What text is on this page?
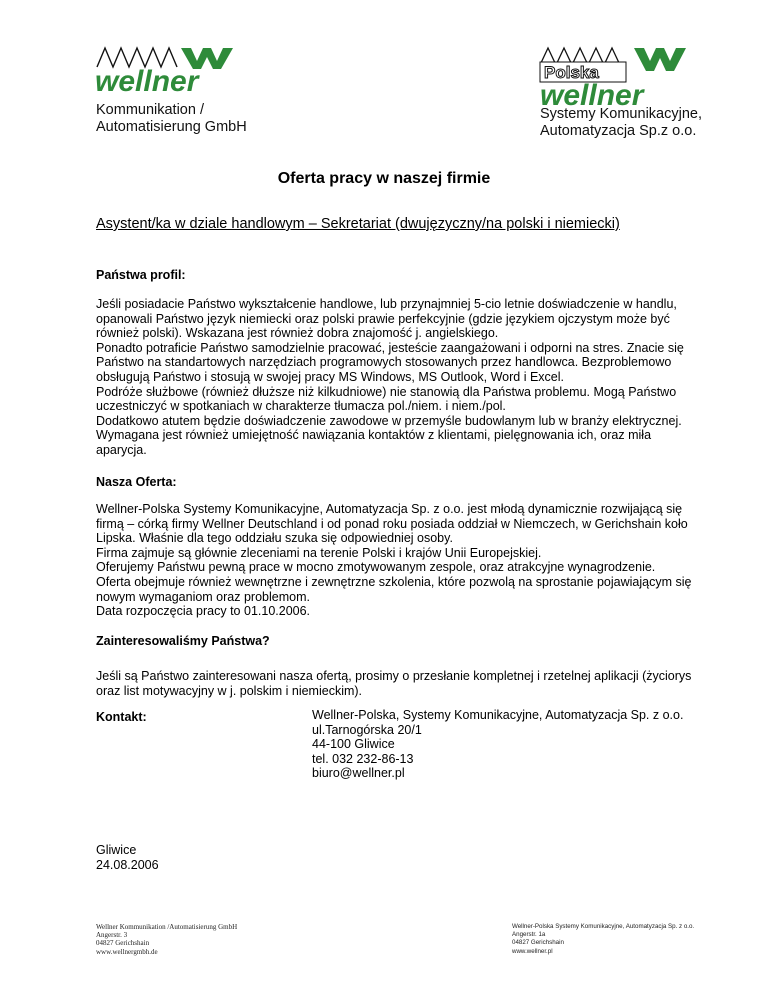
wellner
Kommunikation /
Automatisierung GmbH
Polska
wellner
Systemy Komunikacyjne,
Automatyzacja Sp.z o.o.
Oferta pracy w naszej firmie
Asystent/ka w dziale handlowym – Sekretariat (dwujęzyczny/na polski i niemiecki)
Państwa profil:
Jeśli posiadacie Państwo wykształcenie handlowe, lub przynajmniej 5-cio letnie doświadczenie w handlu,
opanowali Państwo język niemiecki oraz polski prawie perfekcyjnie (gdzie językiem ojczystym może być
również polski). Wskazana jest również dobra znajomość j. angielskiego.
Ponadto potraficie Państwo samodzielnie pracować, jesteście zaangażowani i odporni na stres. Znacie się
Państwo na standartowych narzędziach programowych stosowanych przez handlowca. Bezproblemowo
obsługują Państwo i stosują w swojej pracy MS Windows, MS Outlook, Word i Excel.
Podróże służbowe (również dłuższe niż kilkudniowe) nie stanowią dla Państwa problemu. Mogą Państwo
uczestniczyć w spotkaniach w charakterze tłumacza pol./niem. i niem./pol.
Dodatkowo atutem będzie doświadczenie zawodowe w przemyśle budowlanym lub w branży elektrycznej.
Wymagana jest również umiejętność nawiązania kontaktów z klientami, pielęgnowania ich, oraz miła
aparycja.
Nasza Oferta:
Wellner-Polska Systemy Komunikacyjne, Automatyzacja Sp. z o.o. jest młodą dynamicznie rozwijającą się
firmą – córką firmy Wellner Deutschland i od ponad roku posiada oddział w Niemczech, w Gerichshain koło
Lipska. Właśnie dla tego oddziału szuka się odpowiedniej osoby.
Firma zajmuje są głównie zleceniami na terenie Polski i krajów Unii Europejskiej.
Oferujemy Państwu pewną prace w mocno zmotywowanym zespole, oraz atrakcyjne wynagrodzenie.
Oferta obejmuje również wewnętrzne i zewnętrzne szkolenia, które pozwolą na sprostanie pojawiającym się
nowym wymaganiom oraz problemom.
Data rozpoczęcia pracy to 01.10.2006.
Zainteresowaliśmy Państwa?
Jeśli są Państwo zainteresowani nasza ofertą, prosimy o przesłanie kompletnej i rzetelnej aplikacji (życiorys
oraz list motywacyjny w j. polskim i niemieckim).
Kontakt:	Wellner-Polska, Systemy Komunikacyjne, Automatyzacja Sp. z o.o.
ul.Tarnogórska 20/1
44-100 Gliwice
tel. 032 232-86-13
biuro@wellner.pl
Gliwice
24.08.2006
Wellner Kommunikation /Automatisierung GmbH
Angerstr. 3
04827 Gerichshain
www.wellnergmbh.de
Wellner-Polska Systemy Komunikacyjne, Automatyzacja Sp. z o.o.
Angerstr. 1a
04827 Gerichshain
www.wellner.pl
